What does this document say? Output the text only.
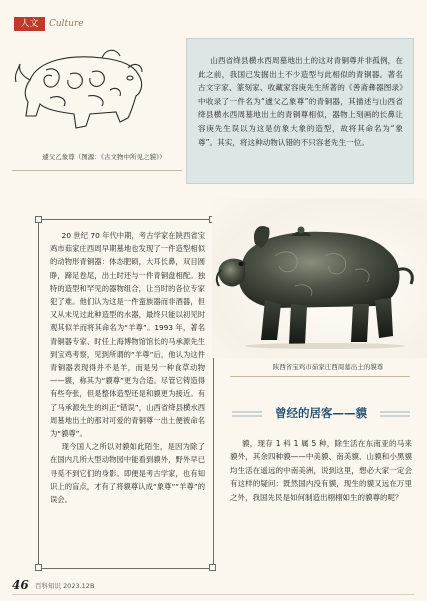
人文	Culture
遽父乙象尊（图源：《古文物中所见之貘》）
山西省绛县横水西周墓地出土的这对青铜尊并非孤例，在此之前，我国已发掘出土不少造型与此相似的青铜器。著名古文字家、篆刻家、收藏家容庚先生所著的《善斋彝器图录》中收录了一件名为“遽父乙象尊”的青铜器，其描述与山西省绛县横水西周墓地出土的青铜尊相似，器物上刻画的长鼻让容庚先生误以为这是仿象大象的造型，故将其命名为“象尊”。其实，将这种动物认错的不只容老先生一位。

20 世纪 70 年代中期，考古学家在陕西省宝鸡市茹家庄西周早期墓地也发现了一件造型相似的动物形青铜器：体态肥硕，大耳长鼻，双目圆睁，蹄足卷尾，出土时还与一件青铜盘相配。独特的造型和罕见的器物组合，让当时的各位专家犯了难。他们认为这是一件蛮族器而非酒器，但又从未见过此种造型的水器，最终只能以初见时观其似羊而将其命名为“羊尊”。1993 年，著名青铜器专家、时任上海博物馆馆长的马承源先生到宝鸡考察，见到所谓的“羊尊”后，他认为这件青铜器表现得并不是羊，而是另一种食草动物——貘，称其为“貘尊”更为合适。尽管它铸造得有些夸张，但是整体造型还是和貘更为接近。有了马承源先生的纠正“错误”，山西省绛县横水西周墓地出土的那对可爱的青铜尊一出土便被命名为“貘尊”。

现今国人之所以对貘如此陌生，是因为除了在国内几所大型动物园中能看到貘外，野外早已寻觅不到它们的身影。即便是考古学家，也有知识上的盲点，才有了将貘尊认成“象尊”“羊尊”的误会。

陕西省宝鸡市茹家庄西周墓出土的貘尊
曾经的居客——貘
貘，现存 1 科 1 属 5 种，除生活在东南亚的马来貘外，其余四种貘——中美貘、南美貘、山貘和小黑貘均生活在遥远的中南美洲，说到这里，想必大家一定会有这样的疑问：既然国内没有貘，现生的貘又远在万里之外，我国先民是如何制造出栩栩如生的貘尊的呢？
46 百科知识 2023.12B
